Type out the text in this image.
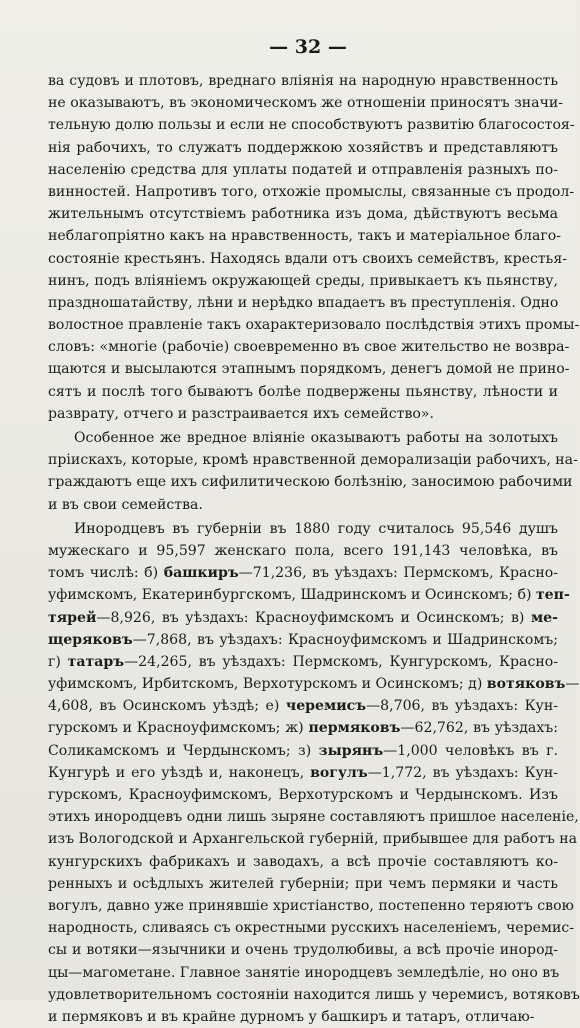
— 32 —
ва судовъ и плотовъ, вреднаго вліянія на народную нравственность
не оказываютъ, въ экономическомъ же отношеніи приносятъ значи-
тельную долю пользы и если не способствуютъ развитію благосостоя-
нія рабочихъ, то служатъ поддержкою хозяйствъ и представляютъ
населенію средства для уплаты податей и отправленія разныхъ по-
винностей. Напротивъ того, отхожіе промыслы, связанные съ продол-
жительнымъ отсутствіемъ работника изъ дома, дѣйствуютъ весьма
неблагопріятно какъ на нравственность, такъ и матеріальное благо-
состояніе крестьянъ. Находясь вдали отъ своихъ семействъ, крестья-
нинъ, подъ вліяніемъ окружающей среды, привыкаетъ къ пьянству,
праздношатайству, лѣни и нерѣдко впадаетъ въ преступленія. Одно
волостное правленіе такъ охарактеризовало послѣдствія этихъ промы-
словъ: «многіе (рабочіе) своевременно въ свое жительство не возвра-
щаются и высылаются этапнымъ порядкомъ, денегъ домой не прино-
сятъ и послѣ того бываютъ болѣе подвержены пьянству, лѣности и
разврату, отчего и разстраивается ихъ семейство».
Особенное же вредное вліяніе оказываютъ работы на золотыхъ
пріискахъ, которые, кромѣ нравственной деморализаціи рабочихъ, на-
граждаютъ еще ихъ сифилитическою болѣзнію, заносимою рабочими
и въ свои семейства.
Инородцевъ въ губерніи въ 1880 году считалось 95,546 душъ
мужескаго и 95,597 женскаго пола, всего 191,143 человѣка, въ
томъ числѣ: б) башкиръ—71,236, въ уѣздахъ: Пермскомъ, Красно-
уфимскомъ, Екатеринбургскомъ, Шадринскомъ и Осинскомъ; б) теп-
тярей—8,926, въ уѣздахъ: Красноуфимскомъ и Осинскомъ; в) ме-
щеряковъ—7,868, въ уѣздахъ: Красноуфимскомъ и Шадринскомъ;
г) татаръ—24,265, въ уѣздахъ: Пермскомъ, Кунгурскомъ, Красно-
уфимскомъ, Ирбитскомъ, Верхотурскомъ и Осинскомъ; д) вотяковъ—
4,608, въ Осинскомъ уѣздѣ; е) черемисъ—8,706, въ уѣздахъ: Кун-
гурскомъ и Красноуфимскомъ; ж) пермяковъ—62,762, въ уѣздахъ:
Соликамскомъ и Чердынскомъ; з) зырянъ—1,000 человѣкъ въ г.
Кунгурѣ и его уѣздѣ и, наконецъ, вогулъ—1,772, въ уѣздахъ: Кун-
гурскомъ, Красноуфимскомъ, Верхотурскомъ и Чердынскомъ. Изъ
этихъ инородцевъ одни лишь зыряне составляютъ пришлое населеніе,
изъ Вологодской и Архангельской губерній, прибывшее для работъ на
кунгурскихъ фабрикахъ и заводахъ, а всѣ прочіе составляютъ ко-
ренныхъ и осѣдлыхъ жителей губерніи; при чемъ пермяки и часть
вогулъ, давно уже принявшіе христіанство, постепенно теряютъ свою
народность, сливаясь съ окрестными русскихъ населеніемъ, черемис-
сы и вотяки—язычники и очень трудолюбивы, а всѣ прочіе инород-
цы—магометане. Главное занятіе инородцевъ земледѣліе, но оно въ
удовлетворительномъ состояніи находится лишь у черемисъ, вотяковъ
и пермяковъ и въ крайне дурномъ у башкиръ и татаръ, отличаю-
